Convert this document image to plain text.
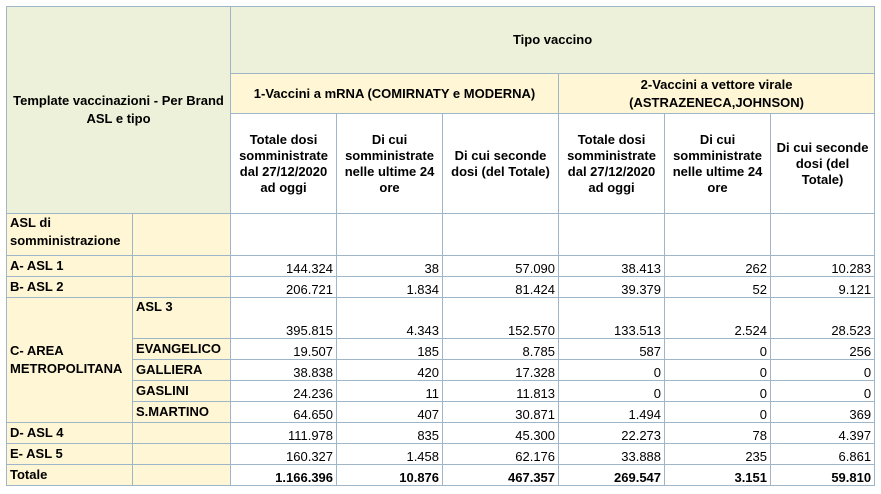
Template vaccinazioni - Per Brand ASL e tipo		Tipo vaccino					
		1-Vaccini a mRNA (COMIRNATY e MODERNA)			2-Vaccini a vettore virale (ASTRAZENECA,JOHNSON)		
		Totale dosi somministrate dal 27/12/2020 ad oggi	Di cui somministrate nelle ultime 24 ore	Di cui seconde dosi (del Totale)	Totale dosi somministrate dal 27/12/2020 ad oggi	Di cui somministrate nelle ultime 24 ore	Di cui seconde dosi (del Totale)
ASL di somministrazione							
A- ASL 1		144.324	38	57.090	38.413	262	10.283
B- ASL 2		206.721	1.834	81.424	39.379	52	9.121
C- AREA METROPOLITANA	ASL 3	395.815	4.343	152.570	133.513	2.524	28.523
	EVANGELICO	19.507	185	8.785	587	0	256
	GALLIERA	38.838	420	17.328	0	0	0
	GASLINI	24.236	11	11.813	0	0	0
	S.MARTINO	64.650	407	30.871	1.494	0	369
D- ASL 4		111.978	835	45.300	22.273	78	4.397
E- ASL 5		160.327	1.458	62.176	33.888	235	6.861
Totale		1.166.396	10.876	467.357	269.547	3.151	59.810
